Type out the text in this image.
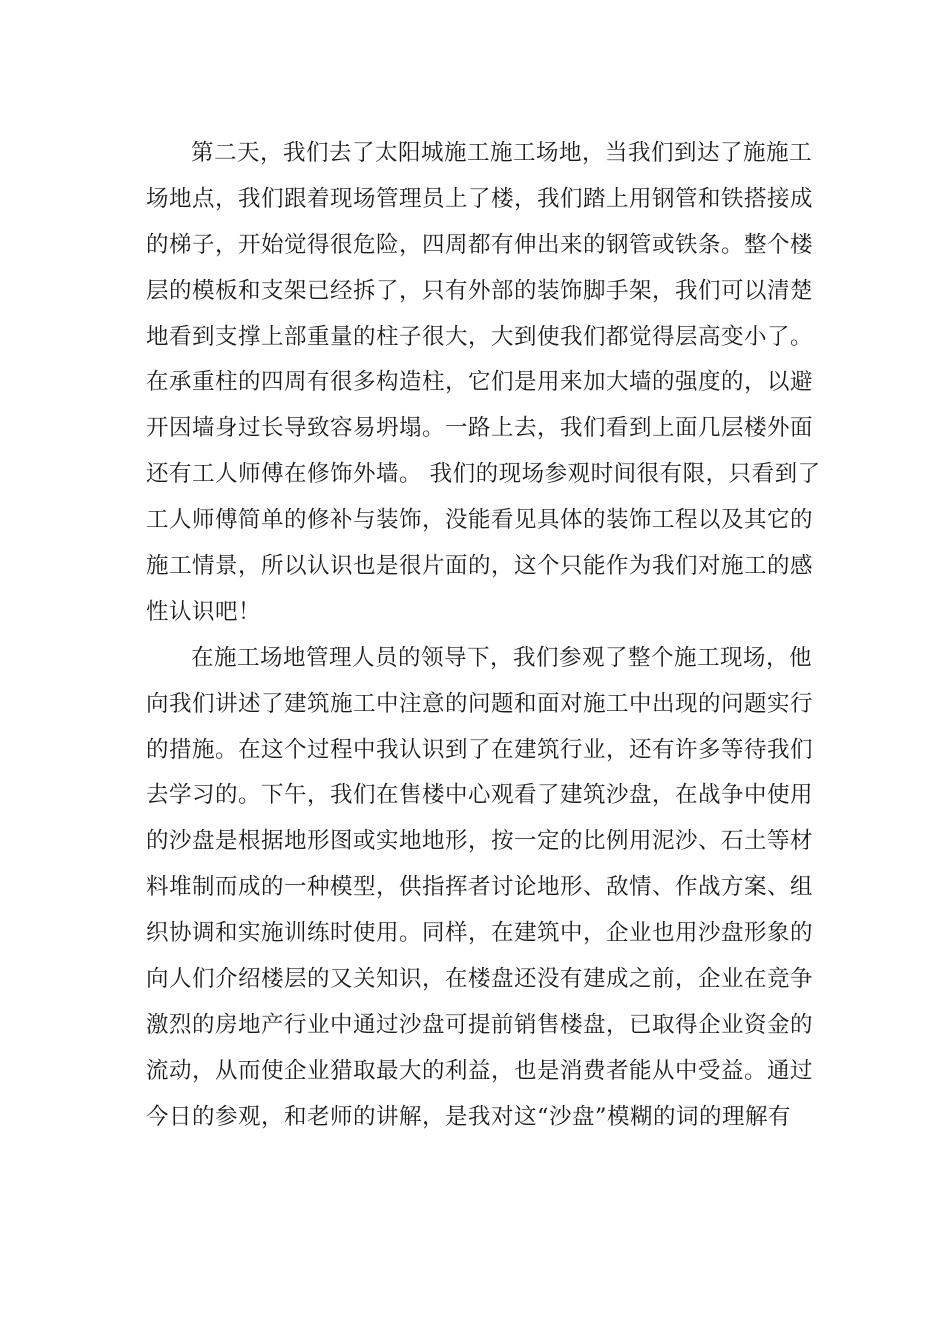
第二天，我们去了太阳城施工施工场地，当我们到达了施施工
场地点，我们跟着现场管理员上了楼，我们踏上用钢管和铁搭接成
的梯子，开始觉得很危险，四周都有伸出来的钢管或铁条。整个楼
层的模板和支架已经拆了，只有外部的装饰脚手架，我们可以清楚
地看到支撑上部重量的柱子很大，大到使我们都觉得层高变小了。
在承重柱的四周有很多构造柱，它们是用来加大墙的强度的，以避
开因墙身过长导致容易坍塌。一路上去，我们看到上面几层楼外面
还有工人师傅在修饰外墙。 我们的现场参观时间很有限，只看到了
工人师傅简单的修补与装饰，没能看见具体的装饰工程以及其它的
施工情景，所以认识也是很片面的，这个只能作为我们对施工的感
性认识吧！
在施工场地管理人员的领导下，我们参观了整个施工现场，他
向我们讲述了建筑施工中注意的问题和面对施工中出现的问题实行
的措施。在这个过程中我认识到了在建筑行业，还有许多等待我们
去学习的。下午，我们在售楼中心观看了建筑沙盘，在战争中使用
的沙盘是根据地形图或实地地形，按一定的比例用泥沙、石土等材
料堆制而成的一种模型，供指挥者讨论地形、敌情、作战方案、组
织协调和实施训练时使用。同样，在建筑中，企业也用沙盘形象的
向人们介绍楼层的又关知识，在楼盘还没有建成之前，企业在竞争
激烈的房地产行业中通过沙盘可提前销售楼盘，已取得企业资金的
流动，从而使企业猎取最大的利益，也是消费者能从中受益。通过
今日的参观，和老师的讲解，是我对这“沙盘”模糊的词的理解有
